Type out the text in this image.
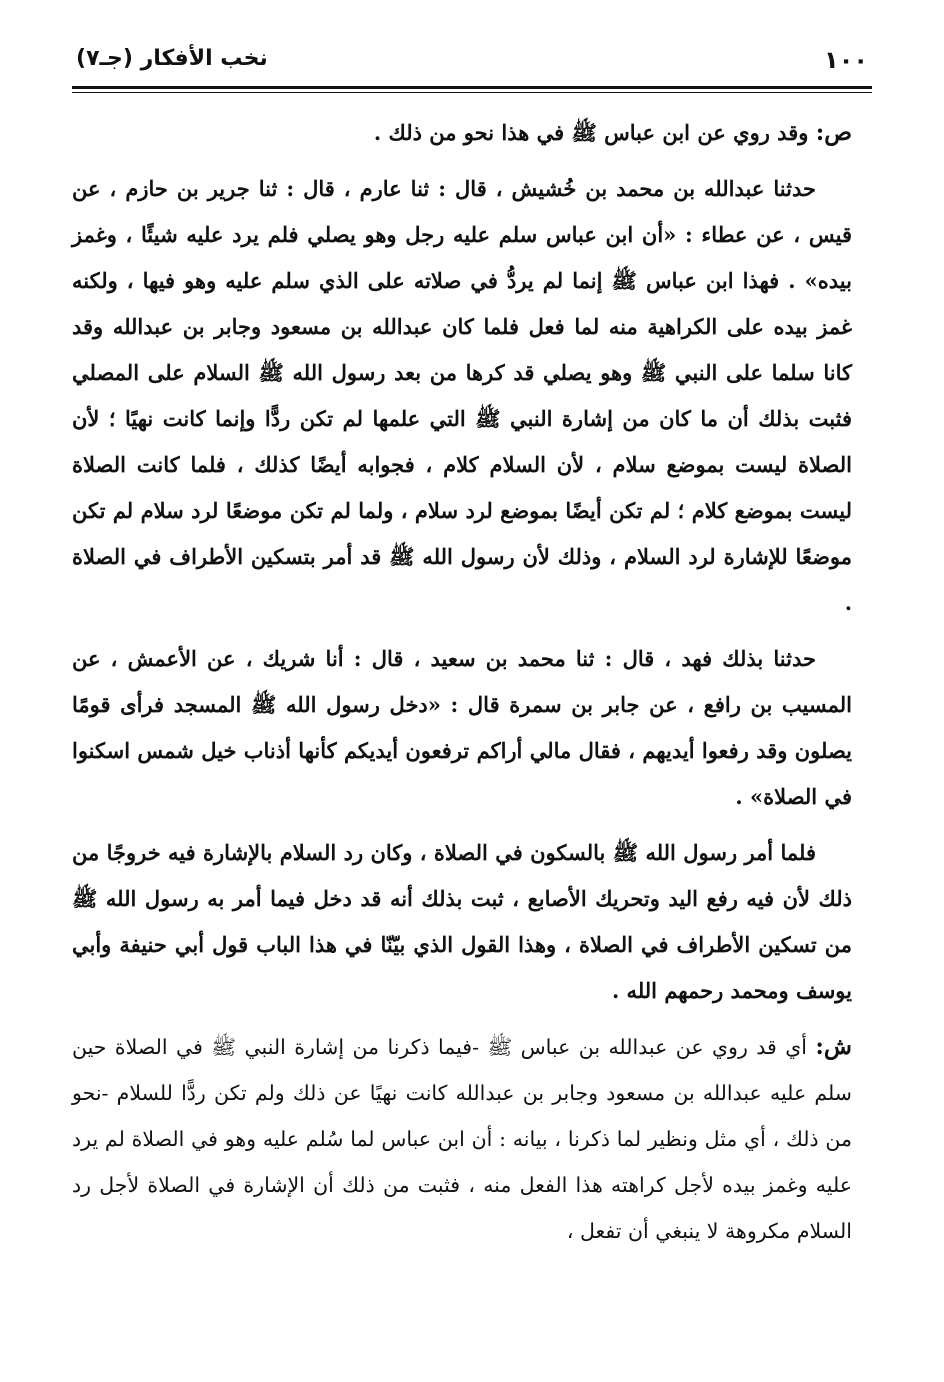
١٠٠
نخب الأفكار (جـ٧)

ص: وقد روي عن ابن عباس ﷺ في هذا نحو من ذلك .

حدثنا عبدالله بن محمد بن خُشيش ، قال : ثنا عارم ، قال : ثنا جرير بن حازم ، عن قيس ، عن عطاء : «أن ابن عباس سلم عليه رجل وهو يصلي فلم يرد عليه شيئًا ، وغمز بيده» . فهذا ابن عباس ﷺ إنما لم يردُّ في صلاته على الذي سلم عليه وهو فيها ، ولكنه غمز بيده على الكراهية منه لما فعل فلما كان عبدالله بن مسعود وجابر بن عبدالله وقد كانا سلما على النبي ﷺ وهو يصلي قد كرها من بعد رسول الله ﷺ السلام على المصلي فثبت بذلك أن ما كان من إشارة النبي ﷺ التي علمها لم تكن ردًّا وإنما كانت نهيًا ؛ لأن الصلاة ليست بموضع سلام ، لأن السلام كلام ، فجوابه أيضًا كذلك ، فلما كانت الصلاة ليست بموضع كلام ؛ لم تكن أيضًا بموضع لرد سلام ، ولما لم تكن موضعًا لرد سلام لم تكن موضعًا للإشارة لرد السلام ، وذلك لأن رسول الله ﷺ قد أمر بتسكين الأطراف في الصلاة .

حدثنا بذلك فهد ، قال : ثنا محمد بن سعيد ، قال : أنا شريك ، عن الأعمش ، عن المسيب بن رافع ، عن جابر بن سمرة قال : «دخل رسول الله ﷺ المسجد فرأى قومًا يصلون وقد رفعوا أيديهم ، فقال مالي أراكم ترفعون أيديكم كأنها أذناب خيل شمس اسكنوا في الصلاة» .

فلما أمر رسول الله ﷺ بالسكون في الصلاة ، وكان رد السلام بالإشارة فيه خروجًا من ذلك لأن فيه رفع اليد وتحريك الأصابع ، ثبت بذلك أنه قد دخل فيما أمر به رسول الله ﷺ من تسكين الأطراف في الصلاة ، وهذا القول الذي بيّنّا في هذا الباب قول أبي حنيفة وأبي يوسف ومحمد رحمهم الله .

ش: أي قد روي عن عبدالله بن عباس ﷺ -فيما ذكرنا من إشارة النبي ﷺ في الصلاة حين سلم عليه عبدالله بن مسعود وجابر بن عبدالله كانت نهيًا عن ذلك ولم تكن ردًّا للسلام -نحو من ذلك ، أي مثل ونظير لما ذكرنا ، بيانه : أن ابن عباس لما سُلم عليه وهو في الصلاة لم يرد عليه وغمز بيده لأجل كراهته هذا الفعل منه ، فثبت من ذلك أن الإشارة في الصلاة لأجل رد السلام مكروهة لا ينبغي أن تفعل ،
